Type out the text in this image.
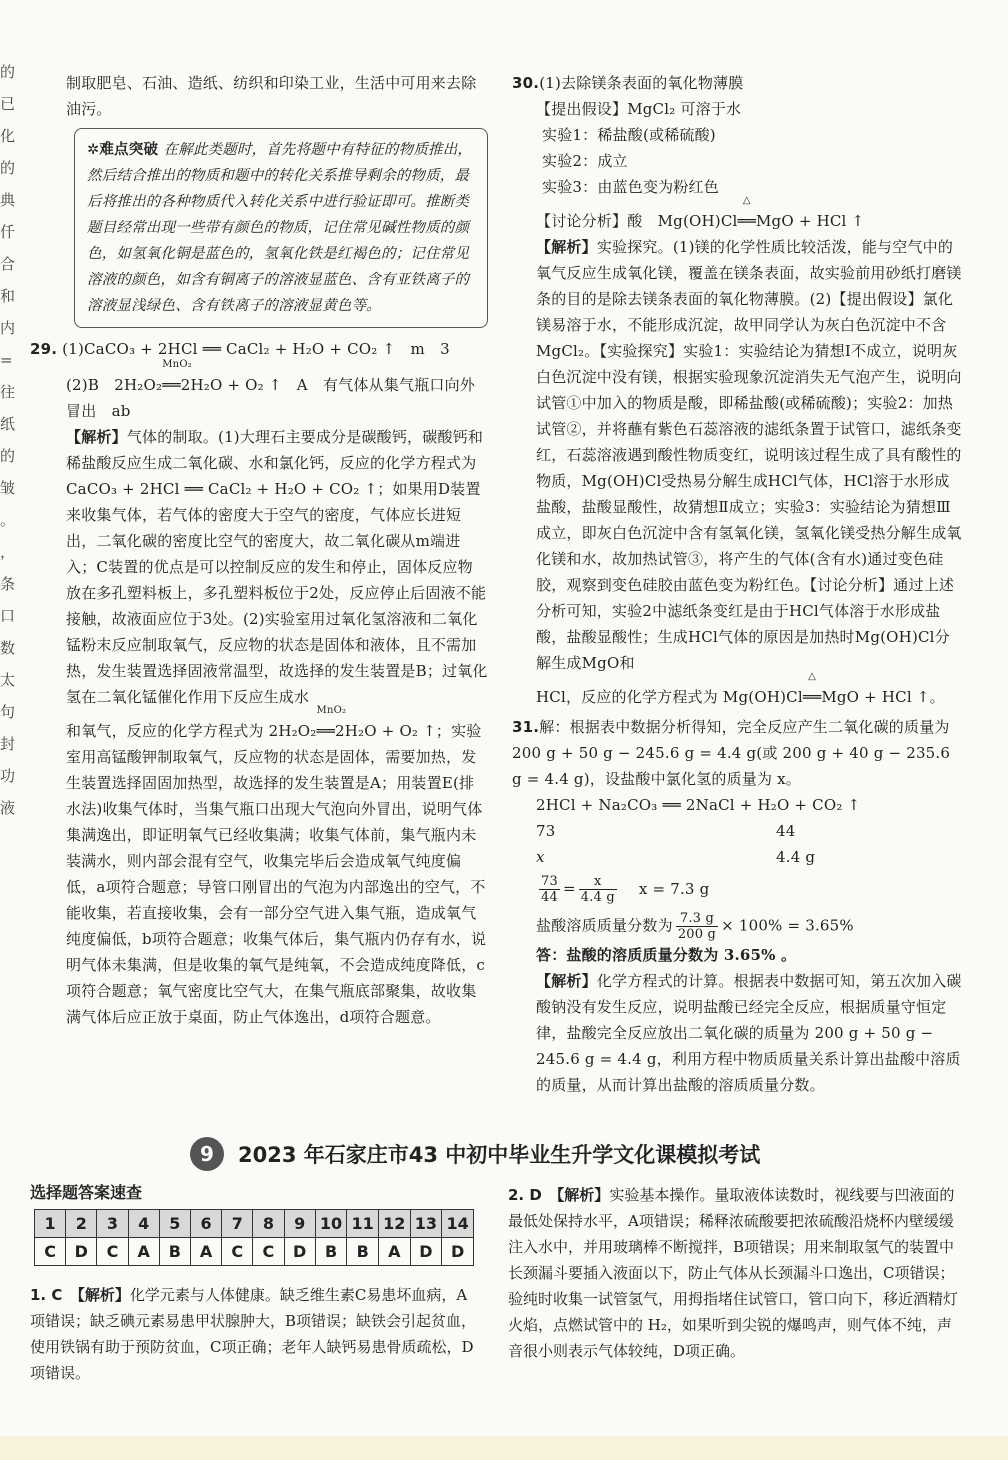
的
已
化
的
典
仟
合
和
内
=
往
纸
的
皱
。
，
条
口
数
太
句
封
功
液

制取肥皂、石油、造纸、纺织和印染工业，生活中可用来去除油污。

✲难点突破 在解此类题时，首先将题中有特征的物质推出，然后结合推出的物质和题中的转化关系推导剩余的物质，最后将推出的各种物质代入转化关系中进行验证即可。推断类题目经常出现一些带有颜色的物质，记住常见碱性物质的颜色，如氢氧化铜是蓝色的，氢氧化铁是红褐色的；记住常见溶液的颜色，如含有铜离子的溶液显蓝色、含有亚铁离子的溶液显浅绿色、含有铁离子的溶液显黄色等。

29. (1)CaCO₃ + 2HCl ══ CaCl₂ + H₂O + CO₂ ↑　m　3

(2)B　2H₂O₂
MnO₂
══2H₂O + O₂ ↑　A　有气体从集气瓶口向外冒出　ab

【解析】气体的制取。(1)大理石主要成分是碳酸钙，碳酸钙和稀盐酸反应生成二氧化碳、水和氯化钙，反应的化学方程式为 CaCO₃ + 2HCl ══ CaCl₂ + H₂O + CO₂ ↑；如果用D装置来收集气体，若气体的密度大于空气的密度，气体应长进短出，二氧化碳的密度比空气的密度大，故二氧化碳从m端进入；C装置的优点是可以控制反应的发生和停止，固体反应物放在多孔塑料板上，多孔塑料板位于2处，反应停止后固液不能接触，故液面应位于3处。(2)实验室用过氧化氢溶液和二氧化锰粉末反应制取氧气，反应物的状态是固体和液体，且不需加热，发生装置选择固液常温型，故选择的发生装置是B；过氧化氢在二氧化锰催化作用下反应生成水

和氧气，反应的化学方程式为 2H₂O₂
MnO₂
══2H₂O + O₂ ↑；实验室用高锰酸钾制取氧气，反应物的状态是固体，需要加热，发生装置选择固固加热型，故选择的发生装置是A；用装置E(排水法)收集气体时，当集气瓶口出现大气泡向外冒出，说明气体集满逸出，即证明氧气已经收集满；收集气体前，集气瓶内未装满水，则内部会混有空气，收集完毕后会造成氧气纯度偏低，a项符合题意；导管口刚冒出的气泡为内部逸出的空气，不能收集，若直接收集，会有一部分空气进入集气瓶，造成氧气纯度偏低，b项符合题意；收集气体后，集气瓶内仍存有水，说明气体未集满，但是收集的氧气是纯氧，不会造成纯度降低，c项符合题意；氧气密度比空气大，在集气瓶底部聚集，故收集满气体后应正放于桌面，防止气体逸出，d项符合题意。

30.(1)去除镁条表面的氧化物薄膜

【提出假设】MgCl₂ 可溶于水

实验1：稀盐酸(或稀硫酸)

实验2：成立

实验3：由蓝色变为粉红色

【讨论分析】酸　Mg(OH)Cl
△
══MgO + HCl ↑

【解析】实验探究。(1)镁的化学性质比较活泼，能与空气中的氧气反应生成氧化镁，覆盖在镁条表面，故实验前用砂纸打磨镁条的目的是除去镁条表面的氧化物薄膜。(2)【提出假设】氯化镁易溶于水，不能形成沉淀，故甲同学认为灰白色沉淀中不含MgCl₂。【实验探究】实验1：实验结论为猜想Ⅰ不成立，说明灰白色沉淀中没有镁，根据实验现象沉淀消失无气泡产生，说明向试管①中加入的物质是酸，即稀盐酸(或稀硫酸)；实验2：加热试管②，并将蘸有紫色石蕊溶液的滤纸条置于试管口，滤纸条变红，石蕊溶液遇到酸性物质变红，说明该过程生成了具有酸性的物质，Mg(OH)Cl受热易分解生成HCl气体，HCl溶于水形成盐酸，盐酸显酸性，故猜想Ⅱ成立；实验3：实验结论为猜想Ⅲ成立，即灰白色沉淀中含有氢氧化镁，氢氧化镁受热分解生成氧化镁和水，故加热试管③，将产生的气体(含有水)通过变色硅胶，观察到变色硅胶由蓝色变为粉红色。【讨论分析】通过上述分析可知，实验2中滤纸条变红是由于HCl气体溶于水形成盐酸，盐酸显酸性；生成HCl气体的原因是加热时Mg(OH)Cl分解生成MgO和

HCl，反应的化学方程式为 Mg(OH)Cl
△
══MgO + HCl ↑。

31.解：根据表中数据分析得知，完全反应产生二氧化碳的质量为 200 g + 50 g − 245.6 g = 4.4 g(或 200 g + 40 g − 235.6 g = 4.4 g)，设盐酸中氯化氢的质量为 x。

2HCl + Na₂CO₃ ══ 2NaCl + H₂O + CO₂ ↑

73	44

x	4.4 g

$\frac{73}{44} = \frac{x}{4.4 g}$ x = 7.3 g

盐酸溶质质量分数为 $\frac{7.3 g}{200 g} \times 100\% = 3.65\%$

答：盐酸的溶质质量分数为 3.65% 。

【解析】化学方程式的计算。根据表中数据可知，第五次加入碳酸钠没有发生反应，说明盐酸已经完全反应，根据质量守恒定律，盐酸完全反应放出二氧化碳的质量为 200 g + 50 g − 245.6 g = 4.4 g，利用方程中物质质量关系计算出盐酸中溶质的质量，从而计算出盐酸的溶质质量分数。

9	2023 年石家庄市43 中初中毕业生升学文化课模拟考试

选择题答案速查

1	2	3	4	5	6	7	8	9	10	11	12	13	14
C	D	C	A	B	A	C	C	D	B	B	A	D	D

1. C　【解析】化学元素与人体健康。缺乏维生素C易患坏血病，A项错误；缺乏碘元素易患甲状腺肿大，B项错误；缺铁会引起贫血，使用铁锅有助于预防贫血，C项正确；老年人缺钙易患骨质疏松，D项错误。

2. D　【解析】实验基本操作。量取液体读数时，视线要与凹液面的最低处保持水平，A项错误；稀释浓硫酸要把浓硫酸沿烧杯内壁缓缓注入水中，并用玻璃棒不断搅拌，B项错误；用来制取氢气的装置中长颈漏斗要插入液面以下，防止气体从长颈漏斗口逸出，C项错误；验纯时收集一试管氢气，用拇指堵住试管口，管口向下，移近酒精灯火焰，点燃试管中的 H₂，如果听到尖锐的爆鸣声，则气体不纯，声音很小则表示气体较纯，D项正确。
